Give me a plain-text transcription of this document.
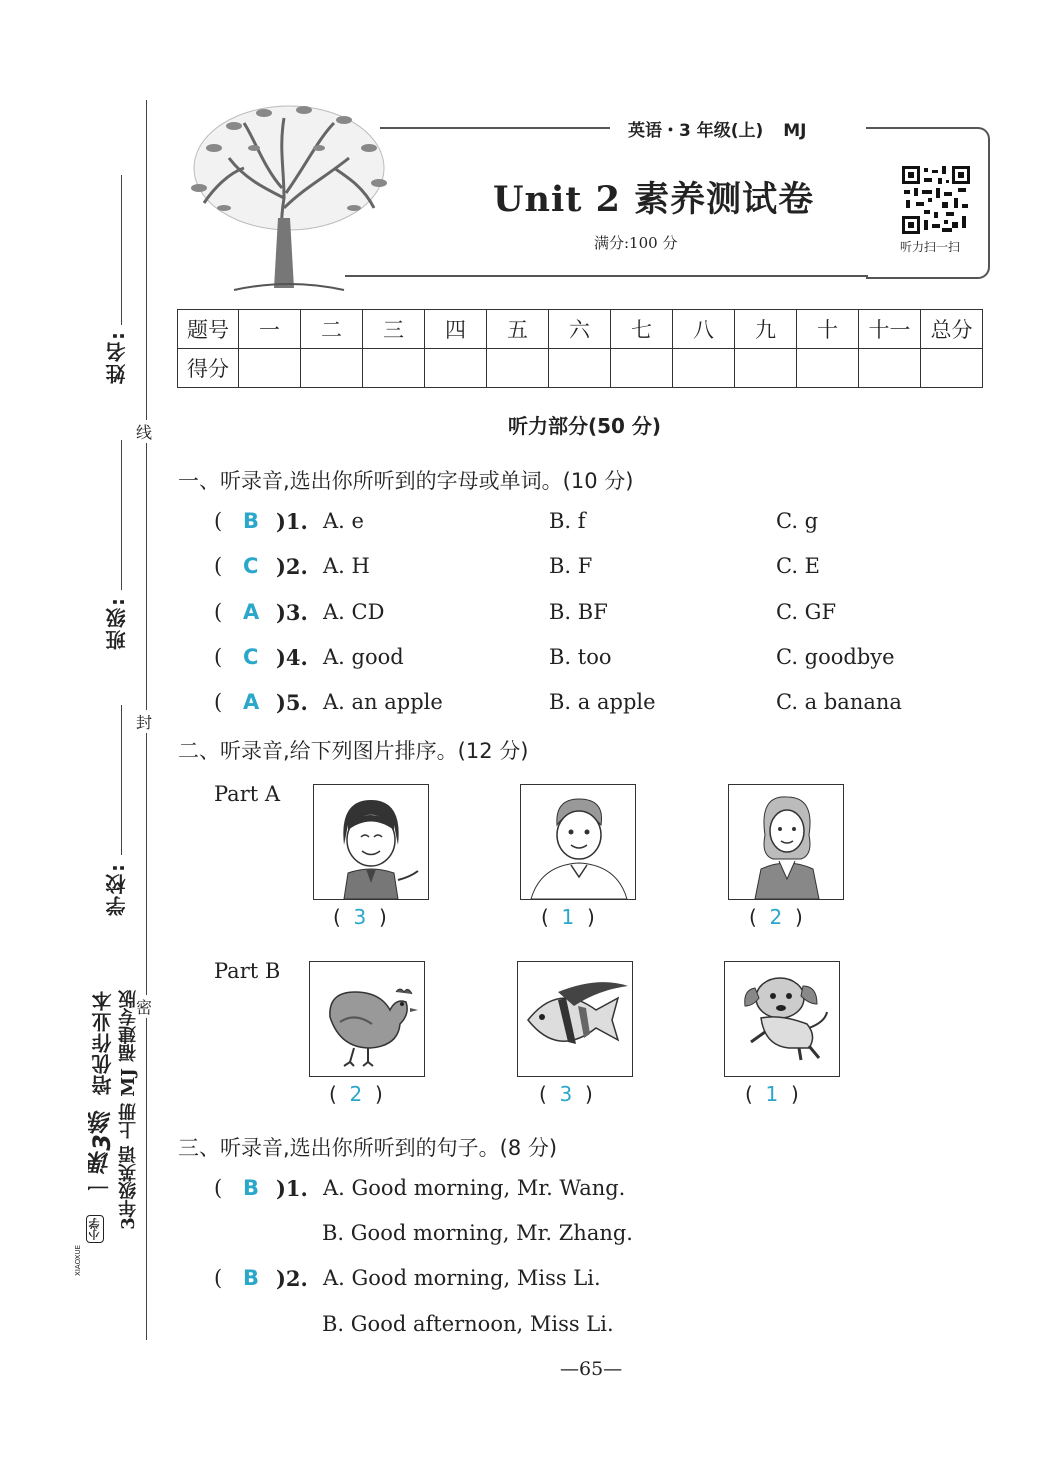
姓名:
线
班级:
封
学校:
密
培优作业本 3年级英语 上册 MJ 福建专版
一课3练
小学
XIAOXUE
英语・3 年级(上) MJ
Unit 2 素养测试卷
满分:100 分	听力扫一扫
题号	一	二	三	四	五	六	七	八	九	十	十一	总分
得分												
听力部分(50 分)
一、听录音,选出你所听到的字母或单词。(10 分)
( B )1. A. e	B. f	C. g
( C )2. A. H	B. F	C. E
( A )3. A. CD	B. BF	C. GF
( C )4. A. good	B. too	C. goodbye
( A )5. A. an apple	B. a apple	C. a banana
二、听录音,给下列图片排序。(12 分)
Part A
(  3  )	(  1  )	(  2  )
Part B
(  2  )	(  3  )	(  1  )
三、听录音,选出你所听到的句子。(8 分)
( B )1. A. Good morning, Mr. Wang.
B. Good morning, Mr. Zhang.
( B )2. A. Good morning, Miss Li.
B. Good afternoon, Miss Li.
—65—
